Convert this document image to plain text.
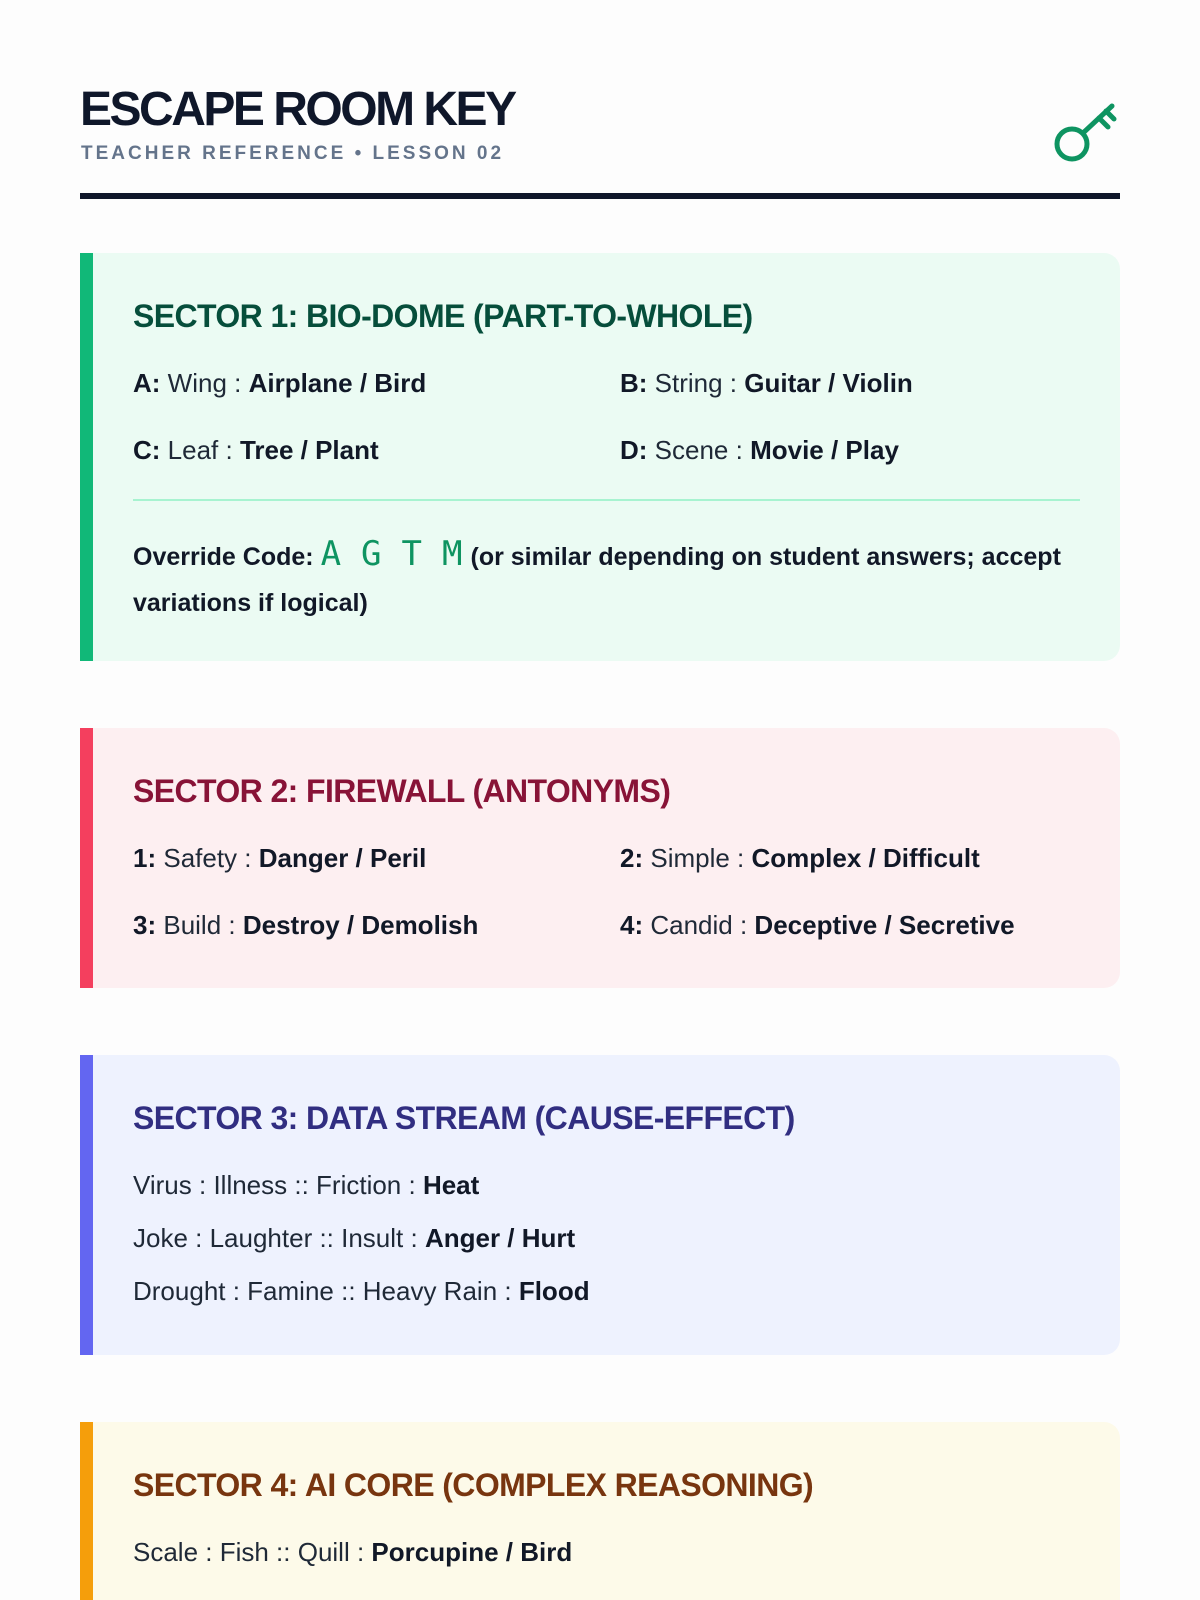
ESCAPE ROOM KEY
TEACHER REFERENCE • LESSON 02
SECTOR 1: BIO-DOME (PART-TO-WHOLE)
A: Wing : Airplane / Bird	B: String : Guitar / Violin
C: Leaf : Tree / Plant	D: Scene : Movie / Play
Override Code: A G T M (or similar depending on student answers; accept variations if logical)
SECTOR 2: FIREWALL (ANTONYMS)
1: Safety : Danger / Peril	2: Simple : Complex / Difficult
3: Build : Destroy / Demolish	4: Candid : Deceptive / Secretive
SECTOR 3: DATA STREAM (CAUSE-EFFECT)
Virus : Illness :: Friction : Heat
Joke : Laughter :: Insult : Anger / Hurt
Drought : Famine :: Heavy Rain : Flood
SECTOR 4: AI CORE (COMPLEX REASONING)
Scale : Fish :: Quill : Porcupine / Bird
